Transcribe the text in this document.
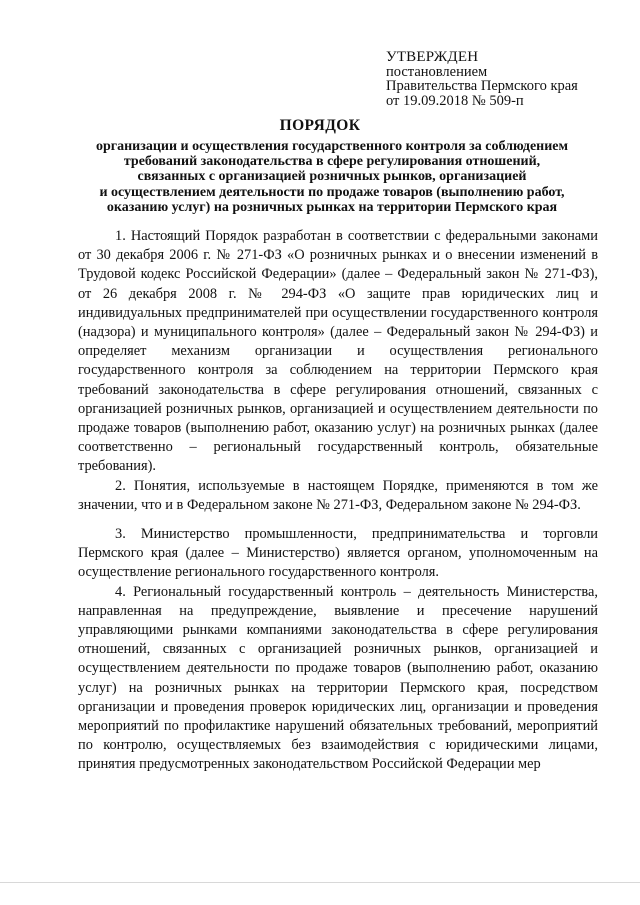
УТВЕРЖДЕН
постановлением
Правительства Пермского края
от 19.09.2018 № 509-п
ПОРЯДОК
организации и осуществления государственного контроля за соблюдением
требований законодательства в сфере регулирования отношений,
связанных с организацией розничных рынков, организацией
и осуществлением деятельности по продаже товаров (выполнению работ,
оказанию услуг) на розничных рынках на территории Пермского края

1. Настоящий Порядок разработан в соответствии с федеральными законами от 30 декабря 2006 г. № 271-ФЗ «О розничных рынках и о внесении изменений в Трудовой кодекс Российской Федерации» (далее – Федеральный закон № 271-ФЗ), от 26 декабря 2008 г. № 294-ФЗ «О защите прав юридических лиц и индивидуальных предпринимателей при осуществлении государственного контроля (надзора) и муниципального контроля» (далее – Федеральный закон № 294-ФЗ) и определяет механизм организации и осуществления регионального государственного контроля за соблюдением на территории Пермского края требований законодательства в сфере регулирования отношений, связанных с организацией розничных рынков, организацией и осуществлением деятельности по продаже товаров (выполнению работ, оказанию услуг) на розничных рынках (далее соответственно – региональный государственный контроль, обязательные требования).

2. Понятия, используемые в настоящем Порядке, применяются в том же значении, что и в Федеральном законе № 271-ФЗ, Федеральном законе № 294-ФЗ.

3. Министерство промышленности, предпринимательства и торговли Пермского края (далее – Министерство) является органом, уполномоченным на осуществление регионального государственного контроля.

4. Региональный государственный контроль – деятельность Министерства, направленная на предупреждение, выявление и пресечение нарушений управляющими рынками компаниями законодательства в сфере регулирования отношений, связанных с организацией розничных рынков, организацией и осуществлением деятельности по продаже товаров (выполнению работ, оказанию услуг) на розничных рынках на территории Пермского края, посредством организации и проведения проверок юридических лиц, организации и проведения мероприятий по профилактике нарушений обязательных требований, мероприятий по контролю, осуществляемых без взаимодействия с юридическими лицами, принятия предусмотренных законодательством Российской Федерации мер
